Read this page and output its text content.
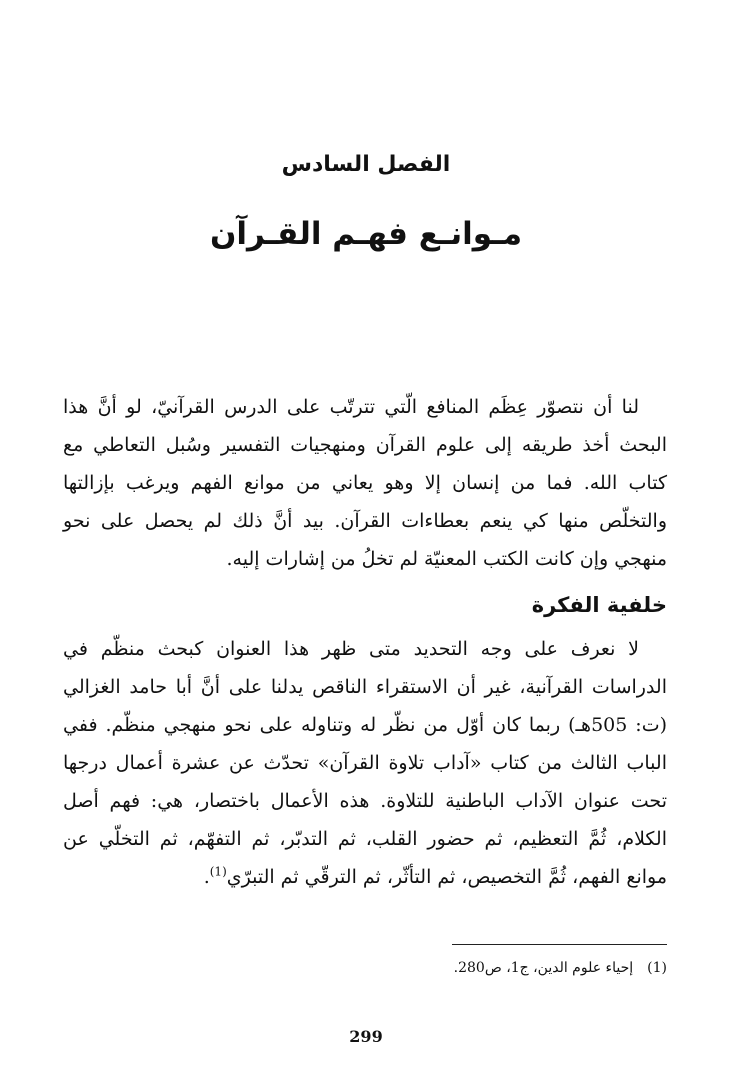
الفصل السادس
مـوانـع فهـم القـرآن
لنا أن نتصوّر عِظَم المنافع الّتي تترتّب على الدرس القرآنيّ، لو أنَّ هذا البحث أخذ طريقه إلى علوم القرآن ومنهجيات التفسير وسُبل التعاطي مع كتاب الله. فما من إنسان إلا وهو يعاني من موانع الفهم ويرغب بإزالتها والتخلّص منها كي ينعم بعطاءات القرآن. بيد أنَّ ذلك لم يحصل على نحو منهجي وإن كانت الكتب المعنيّة لم تخلُ من إشارات إليه.
خلفية الفكرة
لا نعرف على وجه التحديد متى ظهر هذا العنوان كبحث منظّم في الدراسات القرآنية، غير أن الاستقراء الناقص يدلنا على أنَّ أبا حامد الغزالي (ت: 505هـ) ربما كان أوّل من نظّر له وتناوله على نحو منهجي منظّم. ففي الباب الثالث من كتاب «آداب تلاوة القرآن» تحدّث عن عشرة أعمال درجها تحت عنوان الآداب الباطنية للتلاوة. هذه الأعمال باختصار، هي: فهم أصل الكلام، ثُمَّ التعظيم، ثم حضور القلب، ثم التدبّر، ثم التفهّم، ثم التخلّي عن موانع الفهم، ثُمَّ التخصيص، ثم التأثّر، ثم الترقّي ثم التبرّي$^{(1)}$.
(1)إحياء علوم الدين، ج1، ص280.
299
